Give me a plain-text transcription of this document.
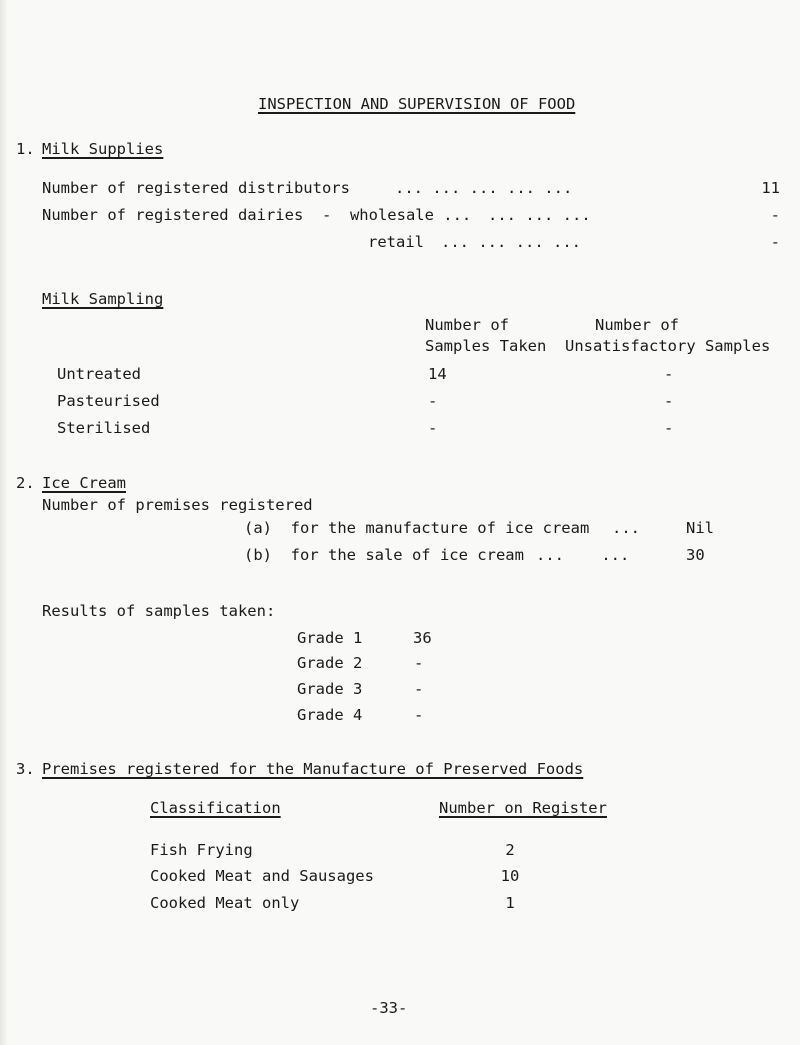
INSPECTION AND SUPERVISION OF FOOD
1. Milk Supplies
Number of registered distributors	... ... ... ... ...	11
Number of registered dairies  -  wholesale ... ... ... ...	-
retail ... ... ... ...	-
Milk Sampling
Number of
Samples Taken
Number of
Unsatisfactory Samples
Untreated	14	-
Pasteurised	-	-
Sterilised	-	-
2. Ice Cream
Number of premises registered
(a)  for the manufacture of ice cream ...	Nil
(b)  for the sale of ice cream ...    ...	30
Results of samples taken:
Grade 1	36
Grade 2	-
Grade 3	-
Grade 4	-
3. Premises registered for the Manufacture of Preserved Foods
Classification	Number on Register
Fish Frying	2
Cooked Meat and Sausages	10
Cooked Meat only	1
-33-
